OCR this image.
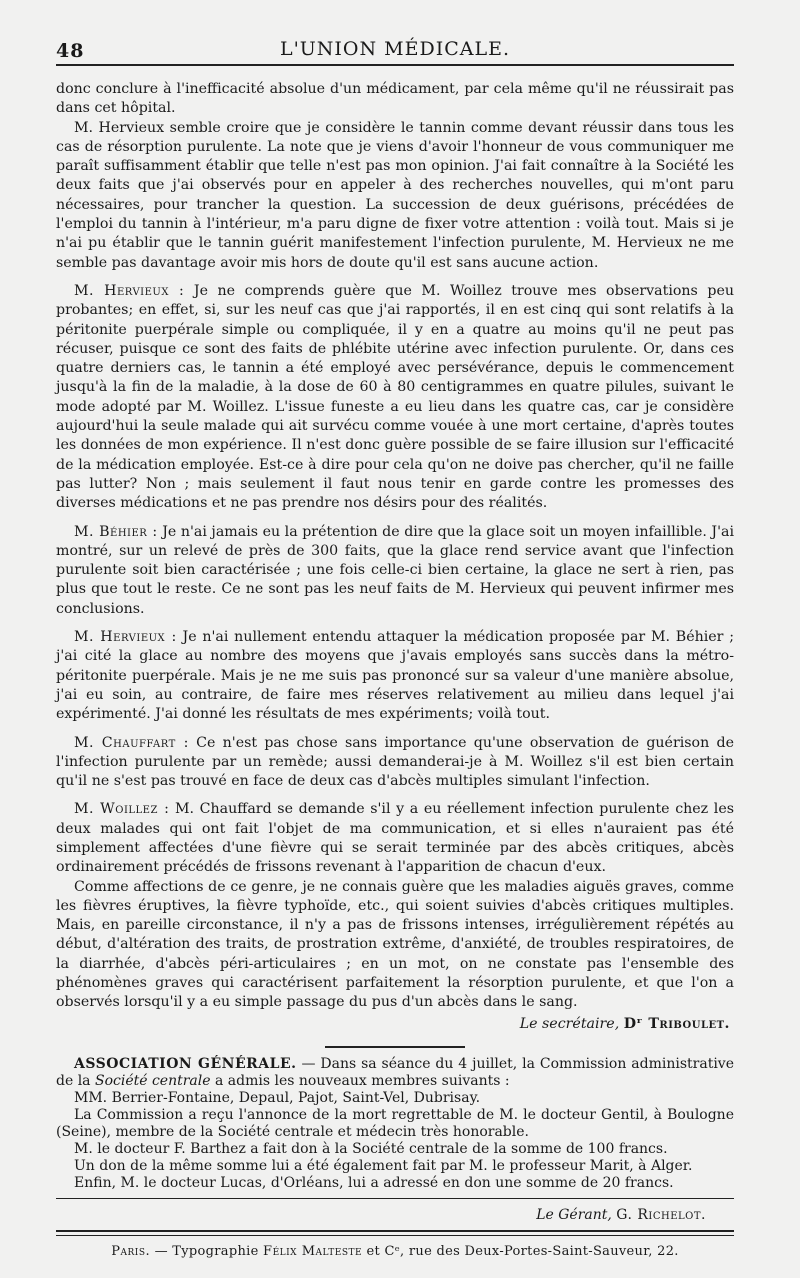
48	L'UNION MÉDICALE.

donc conclure à l'inefficacité absolue d'un médicament, par cela même qu'il ne réussirait pas dans cet hôpital.

M. Hervieux semble croire que je considère le tannin comme devant réussir dans tous les cas de résorption purulente. La note que je viens d'avoir l'honneur de vous communiquer me paraît suffisamment établir que telle n'est pas mon opinion. J'ai fait connaître à la Société les deux faits que j'ai observés pour en appeler à des recherches nouvelles, qui m'ont paru nécessaires, pour trancher la question. La succession de deux guérisons, précédées de l'emploi du tannin à l'intérieur, m'a paru digne de fixer votre attention : voilà tout. Mais si je n'ai pu établir que le tannin guérit manifestement l'infection purulente, M. Hervieux ne me semble pas davantage avoir mis hors de doute qu'il est sans aucune action.

M. Hervieux : Je ne comprends guère que M. Woillez trouve mes observations peu probantes; en effet, si, sur les neuf cas que j'ai rapportés, il en est cinq qui sont relatifs à la péritonite puerpérale simple ou compliquée, il y en a quatre au moins qu'il ne peut pas récuser, puisque ce sont des faits de phlébite utérine avec infection purulente. Or, dans ces quatre derniers cas, le tannin a été employé avec persévérance, depuis le commencement jusqu'à la fin de la maladie, à la dose de 60 à 80 centigrammes en quatre pilules, suivant le mode adopté par M. Woillez. L'issue funeste a eu lieu dans les quatre cas, car je considère aujourd'hui la seule malade qui ait survécu comme vouée à une mort certaine, d'après toutes les données de mon expérience. Il n'est donc guère possible de se faire illusion sur l'efficacité de la médication employée. Est-ce à dire pour cela qu'on ne doive pas chercher, qu'il ne faille pas lutter? Non ; mais seulement il faut nous tenir en garde contre les promesses des diverses médications et ne pas prendre nos désirs pour des réalités.

M. Béhier : Je n'ai jamais eu la prétention de dire que la glace soit un moyen infaillible. J'ai montré, sur un relevé de près de 300 faits, que la glace rend service avant que l'infection purulente soit bien caractérisée ; une fois celle-ci bien certaine, la glace ne sert à rien, pas plus que tout le reste. Ce ne sont pas les neuf faits de M. Hervieux qui peuvent infirmer mes conclusions.

M. Hervieux : Je n'ai nullement entendu attaquer la médication proposée par M. Béhier ; j'ai cité la glace au nombre des moyens que j'avais employés sans succès dans la métro-péritonite puerpérale. Mais je ne me suis pas prononcé sur sa valeur d'une manière absolue, j'ai eu soin, au contraire, de faire mes réserves relativement au milieu dans lequel j'ai expérimenté. J'ai donné les résultats de mes expériments; voilà tout.

M. Chauffart : Ce n'est pas chose sans importance qu'une observation de guérison de l'infection purulente par un remède; aussi demanderai-je à M. Woillez s'il est bien certain qu'il ne s'est pas trouvé en face de deux cas d'abcès multiples simulant l'infection.

M. Woillez : M. Chauffard se demande s'il y a eu réellement infection purulente chez les deux malades qui ont fait l'objet de ma communication, et si elles n'auraient pas été simplement affectées d'une fièvre qui se serait terminée par des abcès critiques, abcès ordinairement précédés de frissons revenant à l'apparition de chacun d'eux.

Comme affections de ce genre, je ne connais guère que les maladies aiguës graves, comme les fièvres éruptives, la fièvre typhoïde, etc., qui soient suivies d'abcès critiques multiples. Mais, en pareille circonstance, il n'y a pas de frissons intenses, irrégulièrement répétés au début, d'altération des traits, de prostration extrême, d'anxiété, de troubles respiratoires, de la diarrhée, d'abcès péri-articulaires ; en un mot, on ne constate pas l'ensemble des phénomènes graves qui caractérisent parfaitement la résorption purulente, et que l'on a observés lorsqu'il y a eu simple passage du pus d'un abcès dans le sang.

Le secrétaire, Dʳ Triboulet.

ASSOCIATION GÉNÉRALE. — Dans sa séance du 4 juillet, la Commission administrative de la Société centrale a admis les nouveaux membres suivants :

MM. Berrier-Fontaine, Depaul, Pajot, Saint-Vel, Dubrisay.

La Commission a reçu l'annonce de la mort regrettable de M. le docteur Gentil, à Boulogne (Seine), membre de la Société centrale et médecin très honorable.

M. le docteur F. Barthez a fait don à la Société centrale de la somme de 100 francs.

Un don de la même somme lui a été également fait par M. le professeur Marit, à Alger.

Enfin, M. le docteur Lucas, d'Orléans, lui a adressé en don une somme de 20 francs.

Le Gérant, G. Richelot.
Paris. — Typographie Félix Malteste et Cᵉ, rue des Deux-Portes-Saint-Sauveur, 22.
